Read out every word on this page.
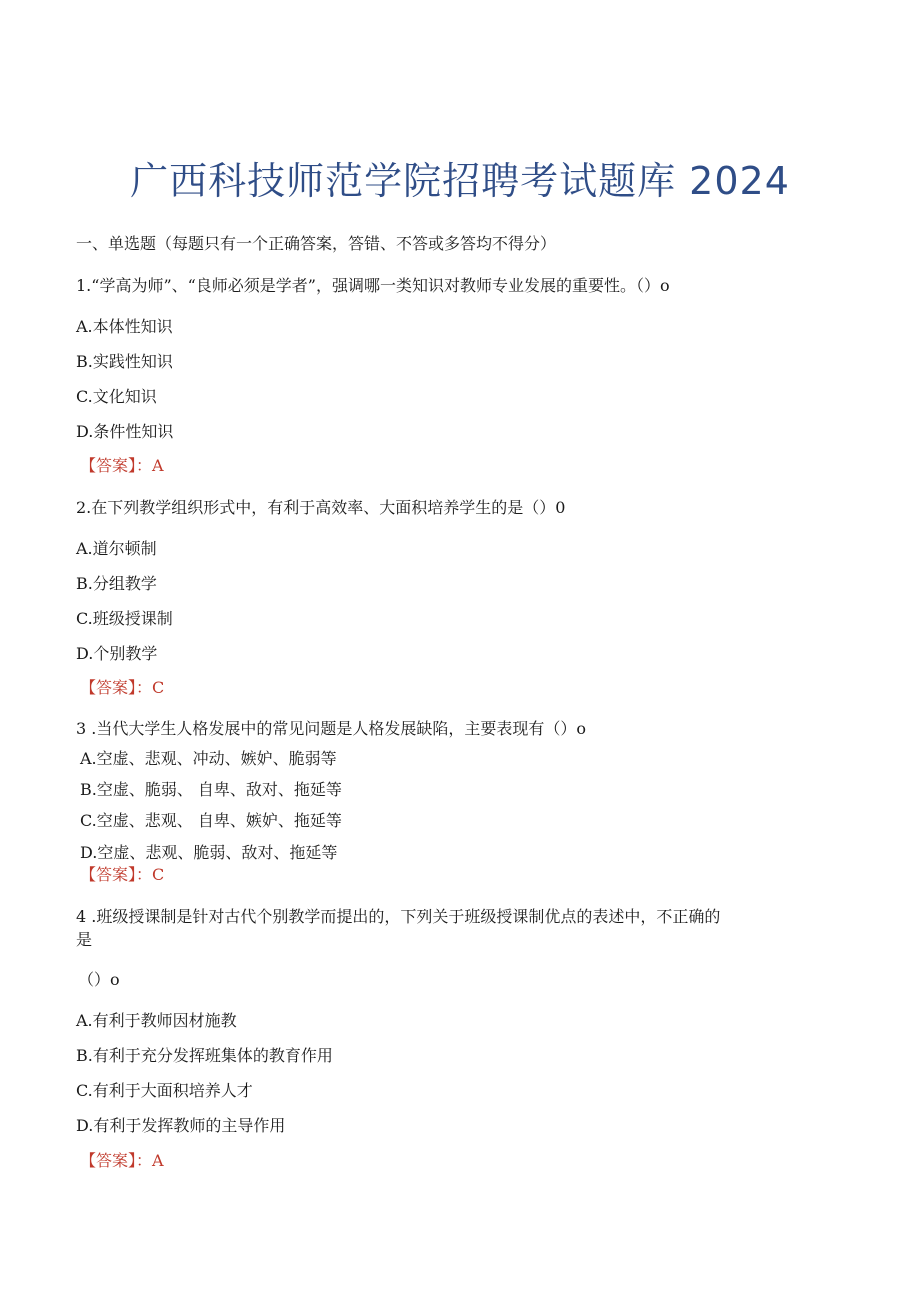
广西科技师范学院招聘考试题库 2024
一、单选题（每题只有一个正确答案，答错、不答或多答均不得分）
1.“学高为师”、“良师必须是学者”，强调哪一类知识对教师专业发展的重要性。（）o
A.本体性知识
B.实践性知识
C.文化知识
D.条件性知识
【答案】：A
2.在下列教学组织形式中，有利于高效率、大面积培养学生的是（）0
A.道尔顿制
B.分组教学
C.班级授课制
D.个别教学
【答案】：C
3 .当代大学生人格发展中的常见问题是人格发展缺陷，主要表现有（）o
A.空虚、悲观、冲动、嫉妒、脆弱等
B.空虚、脆弱、 自卑、敌对、拖延等
C.空虚、悲观、 自卑、嫉妒、拖延等
D.空虚、悲观、脆弱、敌对、拖延等
【答案】：C
4 .班级授课制是针对古代个别教学而提出的，下列关于班级授课制优点的表述中，不正确的
是
（）o
A.有利于教师因材施教
B.有利于充分发挥班集体的教育作用
C.有利于大面积培养人才
D.有利于发挥教师的主导作用
【答案】：A
